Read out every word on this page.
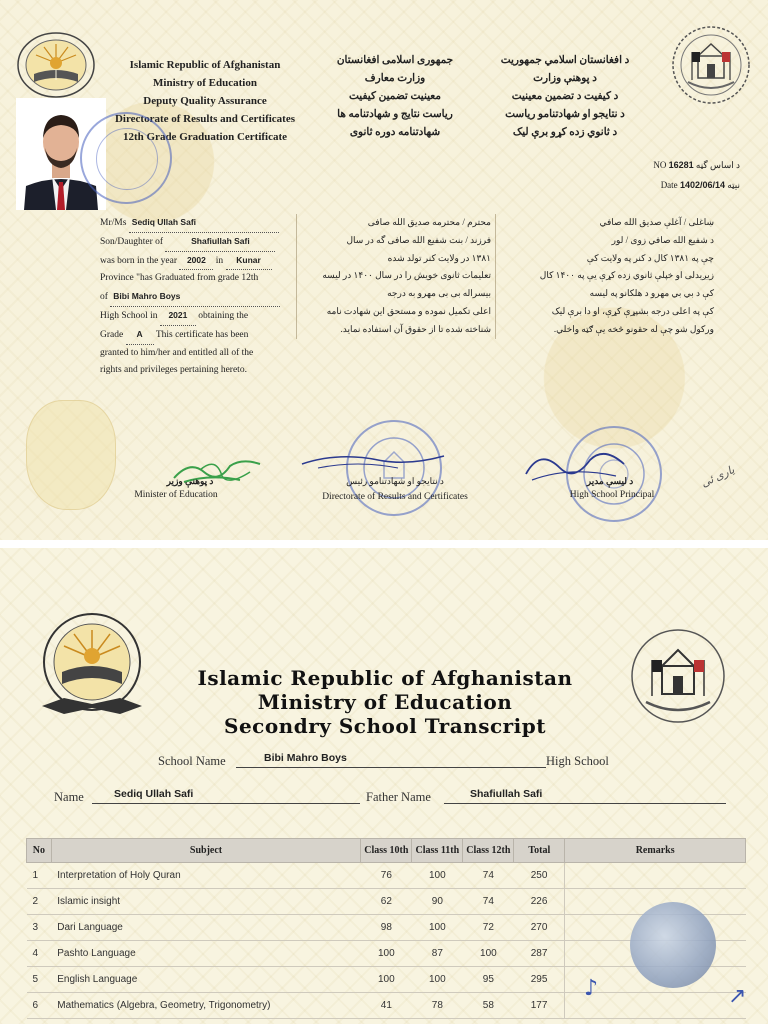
Islamic Republic of Afghanistan
Ministry of Education
Deputy Quality Assurance
Directorate of Results and Certificates
12th Grade Graduation Certificate
جمهوری اسلامی افغانستان
وزارت معارف
معینیت تضمین کیفیت
ریاست نتایج و شهادتنامه ها
شهادتنامه دوره ثانوی
د افغانستان اسلامي جمهوريت
د پوهنې وزارت
د کیفیت د تضمین معینیت
د نتایجو او شهادتنامو ریاست
د ثانوي زده کړو برې لیک
د اساس گڼه 16281 NO
نیټه 1402/06/14 Date
Mr/Ms Sediq Ullah Safi
Son/Daughter of	Shafiullah Safi
was born in the year 2002 in Kunar
Province "has Graduated from grade 12th
of Bibi Mahro Boys
High School in 2021 obtaining the
Grade A This certificate has been
granted to him/her and entitled all of the
rights and privileges pertaining hereto.
محترم / محترمه صدیق الله صافی
فرزند / بنت شفیع الله صافی گه در سال
۱۳۸۱ در ولایت کنر تولد شده
تعلیمات ثانوی خویش را در سال ۱۴۰۰ در لیسه
بیسراله بی بی مهرو به درجه
اعلی تکمیل نموده و مستحق این شهادت نامه
شناخته شده تا از حقوق آن استفاده نماید.
ښاغلی / آغلې صدیق الله صافي
د شفیع الله صافي زوی / لور
چې په ۱۳۸۱ کال د کنر په ولایت کې
زیږیدلی او خپلې ثانوي زده کړې یې په ۱۴۰۰ کال
کې د بي بي مهرو د هلکانو په لیسه
کې په اعلی درجه بشپړې کړې، او دا برې لیک
ورکول شو چې له حقونو څخه یې ګټه واخلي.
د پوهنې وزير
Minister of Education
د نتایجو او شهادتنامو رئیس
Directorate of Results and Certificates
د لیسې مدیر
High School Principal
یاری ئی
Islamic Republic of Afghanistan
Ministry of Education
Secondry School Transcript
School Name	Bibi Mahro Boys	High School
Name	Sediq Ullah Safi	Father Name	Shafiullah Safi
No	Subject	Class 10th	Class 11th	Class 12th	Total	Remarks
1	Interpretation of Holy Quran	76	100	74	250	
2	Islamic insight	62	90	74	226	
3	Dari Language	98	100	72	270	
4	Pashto Language	100	87	100	287	
5	English Language	100	100	95	295	
6	Mathematics (Algebra, Geometry, Trigonometry)	41	78	58	177	
♪	↗
